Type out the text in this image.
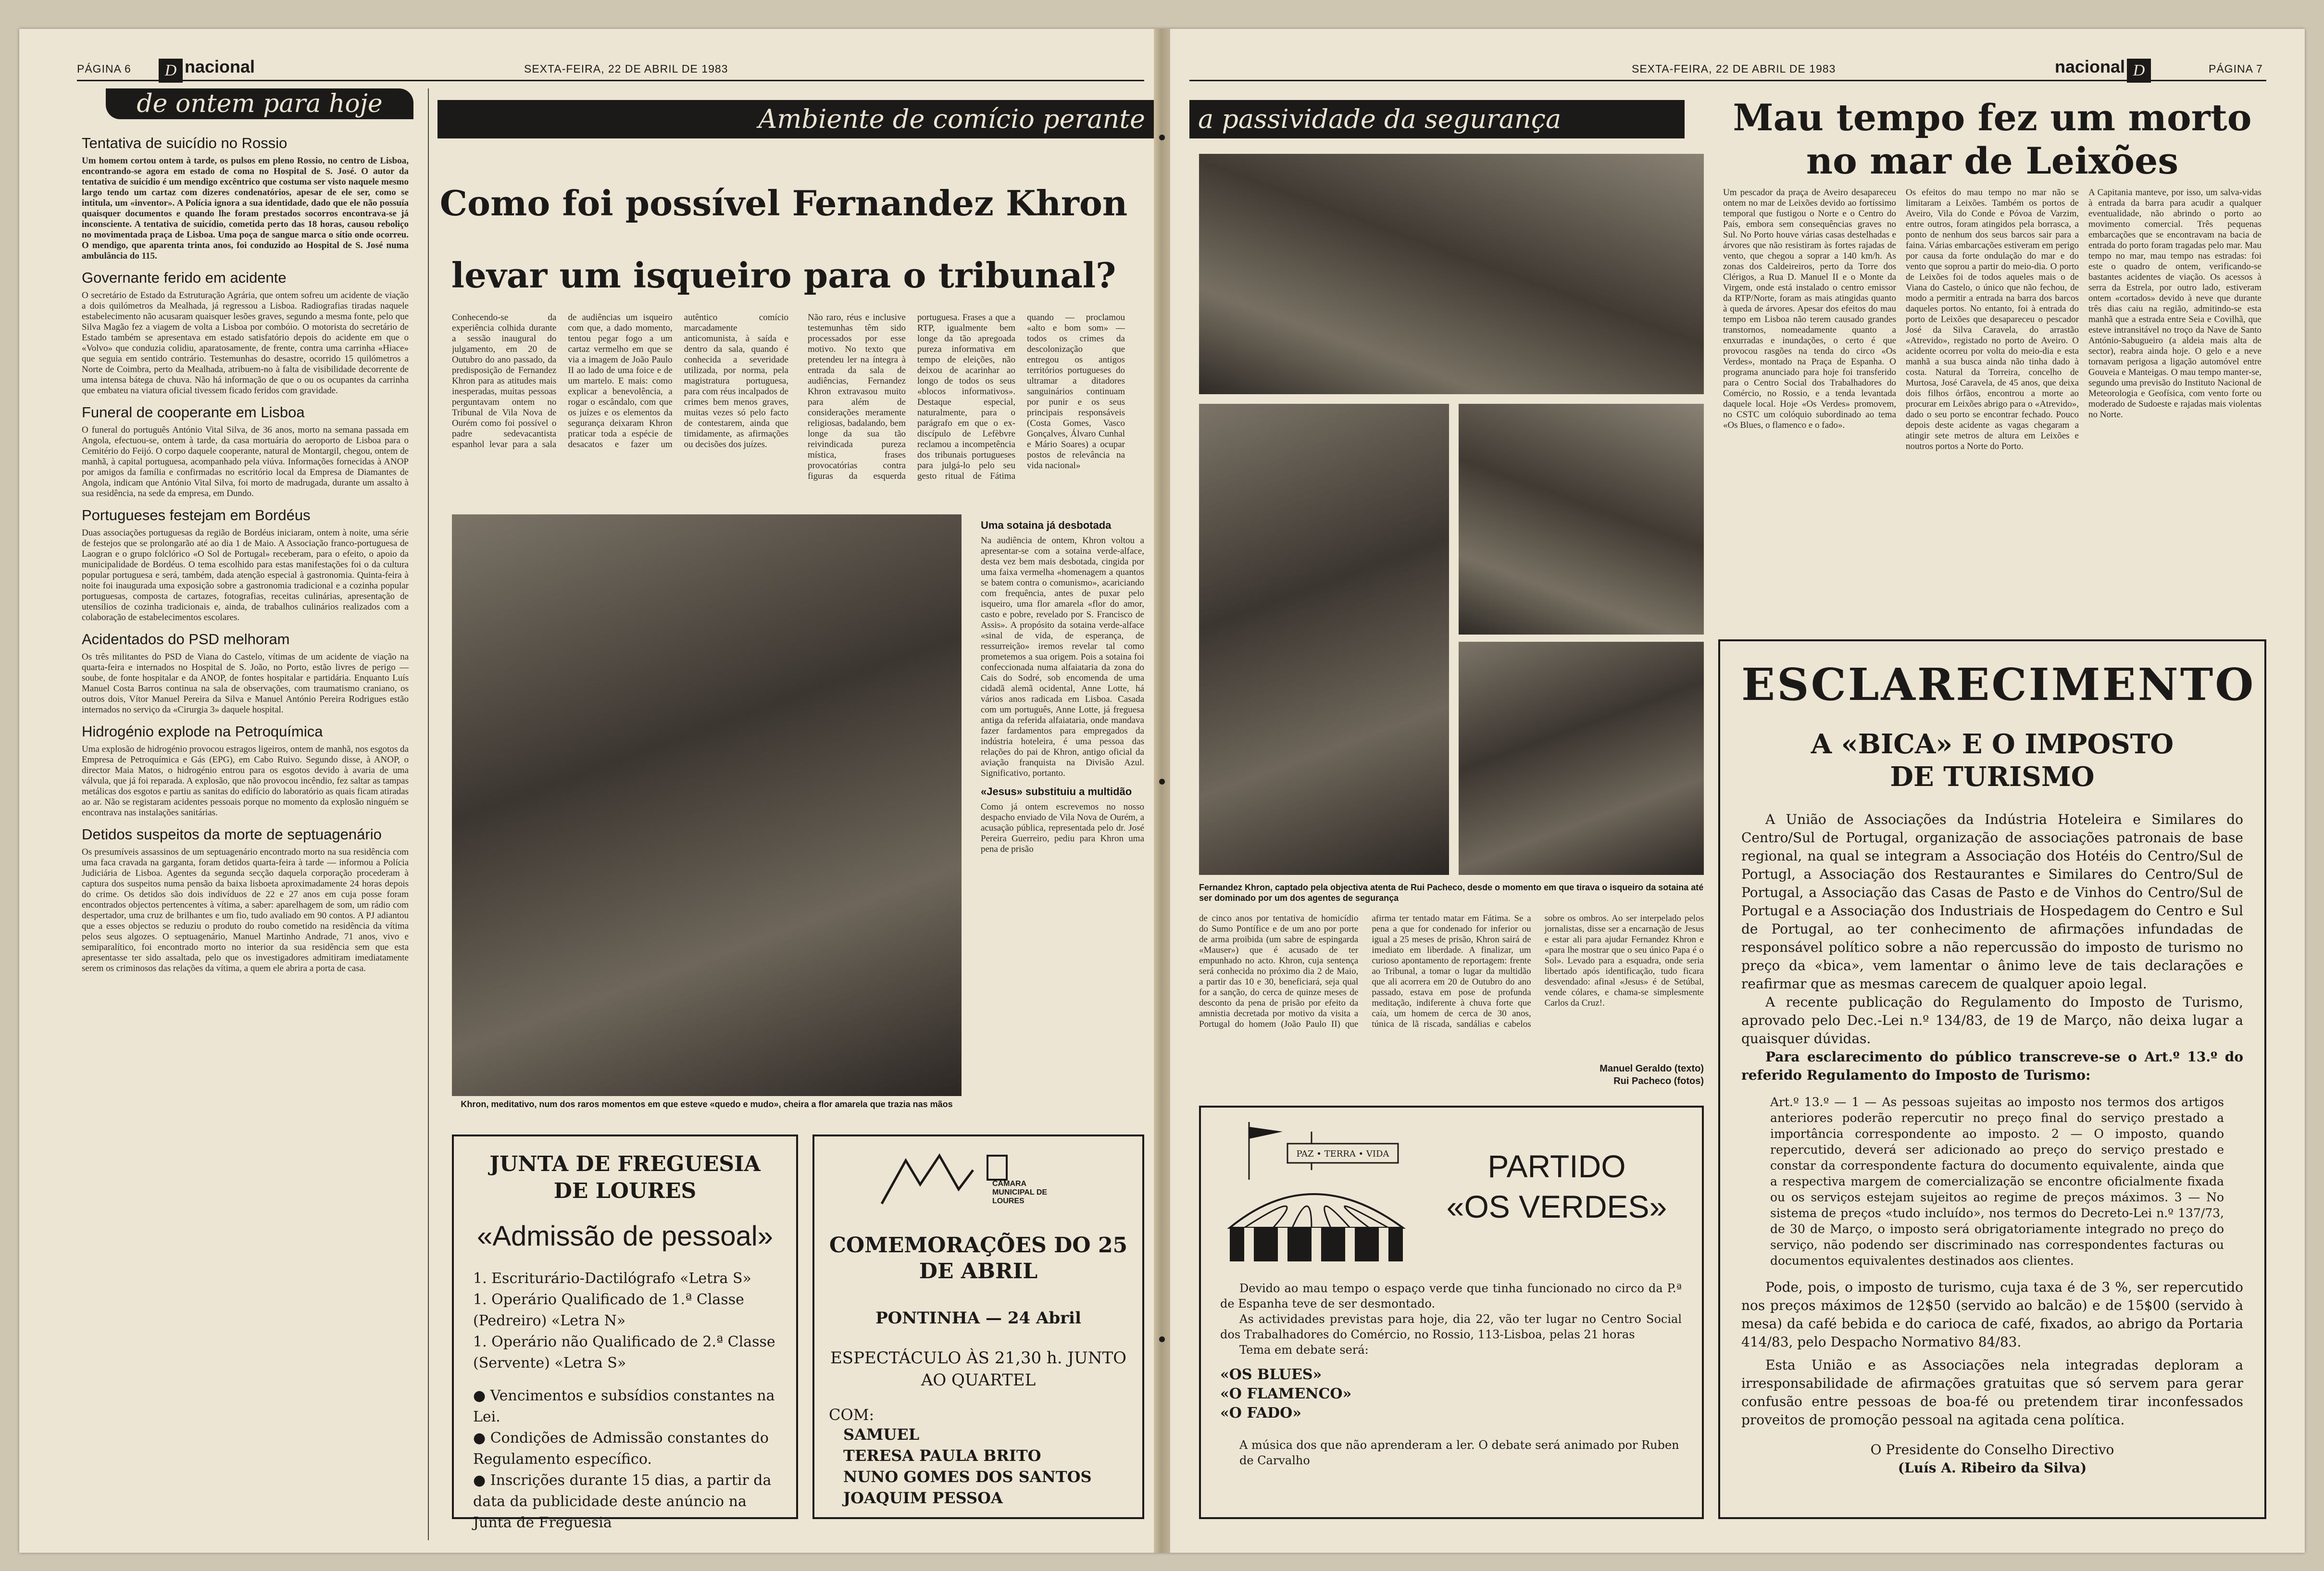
PÁGINA 6	D nacional	SEXTA-FEIRA, 22 DE ABRIL DE 1983
de ontem para hoje
Tentativa de suicídio no Rossio
Um homem cortou ontem à tarde, os pulsos em pleno Rossio, no centro de Lisboa, encontrando-se agora em estado de coma no Hospital de S. José. O autor da tentativa de suicídio é um mendigo excêntrico que costuma ser visto naquele mesmo largo tendo um cartaz com dizeres condenatórios, apesar de ele ser, como se intitula, um «inventor». A Polícia ignora a sua identidade, dado que ele não possuía quaisquer documentos e quando lhe foram prestados socorros encontrava-se já inconsciente. A tentativa de suicídio, cometida perto das 18 horas, causou reboliço no movimentada praça de Lisboa. Uma poça de sangue marca o sítio onde ocorreu. O mendigo, que aparenta trinta anos, foi conduzido ao Hospital de S. José numa ambulância do 115.
Governante ferido em acidente
O secretário de Estado da Estruturação Agrária, que ontem sofreu um acidente de viação a dois quilómetros da Mealhada, já regressou a Lisboa. Radiografias tiradas naquele estabelecimento não acusaram quaisquer lesões graves, segundo a mesma fonte, pelo que Silva Magão fez a viagem de volta a Lisboa por combóio. O motorista do secretário de Estado também se apresentava em estado satisfatório depois do acidente em que o «Volvo» que conduzia colidiu, aparatosamente, de frente, contra uma carrinha «Hiace» que seguia em sentido contrário. Testemunhas do desastre, ocorrido 15 quilómetros a Norte de Coimbra, perto da Mealhada, atribuem-no à falta de visibilidade decorrente de uma intensa bátega de chuva. Não há informação de que o ou os ocupantes da carrinha que embateu na viatura oficial tivessem ficado feridos com gravidade.
Funeral de cooperante em Lisboa
O funeral do português António Vital Silva, de 36 anos, morto na semana passada em Angola, efectuou-se, ontem à tarde, da casa mortuária do aeroporto de Lisboa para o Cemitério do Feijó. O corpo daquele cooperante, natural de Montargil, chegou, ontem de manhã, à capital portuguesa, acompanhado pela viúva. Informações fornecidas à ANOP por amigos da família e confirmadas no escritório local da Empresa de Diamantes de Angola, indicam que António Vital Silva, foi morto de madrugada, durante um assalto à sua residência, na sede da empresa, em Dundo.
Portugueses festejam em Bordéus
Duas associações portuguesas da região de Bordéus iniciaram, ontem à noite, uma série de festejos que se prolongarão até ao dia 1 de Maio. A Associação franco-portuguesa de Laogran e o grupo folclórico «O Sol de Portugal» receberam, para o efeito, o apoio da municipalidade de Bordéus. O tema escolhido para estas manifestações foi o da cultura popular portuguesa e será, também, dada atenção especial à gastronomia. Quinta-feira à noite foi inaugurada uma exposição sobre a gastronomia tradicional e a cozinha popular portuguesas, composta de cartazes, fotografias, receitas culinárias, apresentação de utensílios de cozinha tradicionais e, ainda, de trabalhos culinários realizados com a colaboração de estabelecimentos escolares.
Acidentados do PSD melhoram
Os três militantes do PSD de Viana do Castelo, vítimas de um acidente de viação na quarta-feira e internados no Hospital de S. João, no Porto, estão livres de perigo — soube, de fonte hospitalar e da ANOP, de fontes hospitalar e partidária. Enquanto Luís Manuel Costa Barros continua na sala de observações, com traumatismo craniano, os outros dois, Vítor Manuel Pereira da Silva e Manuel António Pereira Rodrigues estão internados no serviço da «Cirurgia 3» daquele hospital.
Hidrogénio explode na Petroquímica
Uma explosão de hidrogénio provocou estragos ligeiros, ontem de manhã, nos esgotos da Empresa de Petroquímica e Gás (EPG), em Cabo Ruivo. Segundo disse, à ANOP, o director Maia Matos, o hidrogénio entrou para os esgotos devido à avaria de uma válvula, que já foi reparada. A explosão, que não provocou incêndio, fez saltar as tampas metálicas dos esgotos e partiu as sanitas do edifício do laboratório as quais ficam atiradas ao ar. Não se registaram acidentes pessoais porque no momento da explosão ninguém se encontrava nas instalações sanitárias.
Detidos suspeitos da morte de septuagenário
Os presumíveis assassinos de um septuagenário encontrado morto na sua residência com uma faca cravada na garganta, foram detidos quarta-feira à tarde — informou a Polícia Judiciária de Lisboa. Agentes da segunda secção daquela corporação procederam à captura dos suspeitos numa pensão da baixa lisboeta aproximadamente 24 horas depois do crime. Os detidos são dois indivíduos de 22 e 27 anos em cuja posse foram encontrados objectos pertencentes à vítima, a saber: aparelhagem de som, um rádio com despertador, uma cruz de brilhantes e um fio, tudo avaliado em 90 contos. A PJ adiantou que a esses objectos se reduziu o produto do roubo cometido na residência da vítima pelos seus algozes. O septuagenário, Manuel Martinho Andrade, 71 anos, vivo e semiparalítico, foi encontrado morto no interior da sua residência sem que esta apresentasse ter sido assaltada, pelo que os investigadores admitiram imediatamente serem os criminosos das relações da vítima, a quem ele abrira a porta de casa.
Ambiente de comício perante
Como foi possível Fernandez Khron
levar um isqueiro para o tribunal?
Conhecendo-se da experiência colhida durante a sessão inaugural do julgamento, em 20 de Outubro do ano passado, da predisposição de Fernandez Khron para as atitudes mais inesperadas, muitas pessoas perguntavam ontem no Tribunal de Vila Nova de Ourém como foi possível o padre sedevacantista espanhol levar para a sala de audiências um isqueiro com que, a dado momento, tentou pegar fogo a um cartaz vermelho em que se via a imagem de João Paulo II ao lado de uma foice e de um martelo. E mais: como explicar a benevolência, a rogar o escândalo, com que os juízes e os elementos da segurança deixaram Khron praticar toda a espécie de desacatos e fazer um autêntico comício marcadamente anticomunista, à saída e dentro da sala, quando é conhecida a severidade utilizada, por norma, pela magistratura portuguesa, para com réus incalpados de crimes bem menos graves, muitas vezes só pelo facto de contestarem, ainda que timidamente, as afirmações ou decisões dos juízes.
Não raro, réus e inclusive testemunhas têm sido processados por esse motivo. No texto que pretendeu ler na íntegra à entrada da sala de audiências, Fernandez Khron extravasou muito para além de considerações meramente religiosas, badalando, bem longe da sua tão reivindicada pureza mística, frases provocatórias contra figuras da esquerda portuguesa. Frases a que a RTP, igualmente bem longe da tão apregoada pureza informativa em tempo de eleições, não deixou de acarinhar ao longo de todos os seus «blocos informativos». Destaque especial, naturalmente, para o parágrafo em que o ex-discípulo de Lefèbvre reclamou a incompetência dos tribunais portugueses para julgá-lo pelo seu gesto ritual de Fátima quando — proclamou «alto e bom som» — todos os crimes da descolonização que entregou os antigos territórios portugueses do ultramar a ditadores sanguinários continuam por punir e os seus principais responsáveis (Costa Gomes, Vasco Gonçalves, Álvaro Cunhal e Mário Soares) a ocupar postos de relevância na vida nacional»
Khron, meditativo, num dos raros momentos em que esteve «quedo e mudo», cheira a flor amarela que trazia nas mãos
Uma sotaina já desbotada
Na audiência de ontem, Khron voltou a apresentar-se com a sotaina verde-alface, desta vez bem mais desbotada, cingida por uma faixa vermelha «homenagem a quantos se batem contra o comunismo», acariciando com frequência, antes de puxar pelo isqueiro, uma flor amarela «flor do amor, casto e pobre, revelado por S. Francisco de Assis». A propósito da sotaina verde-alface «sinal de vida, de esperança, de ressurreição» iremos revelar tal como prometemos a sua origem. Pois a sotaina foi confeccionada numa alfaiataria da zona do Cais do Sodré, sob encomenda de uma cidadã alemã ocidental, Anne Lotte, há vários anos radicada em Lisboa. Casada com um português, Anne Lotte, já freguesa antiga da referida alfaiataria, onde mandava fazer fardamentos para empregados da indústria hoteleira, é uma pessoa das relações do pai de Khron, antigo oficial da aviação franquista na Divisão Azul. Significativo, portanto.
«Jesus» substituiu a multidão
Como já ontem escrevemos no nosso despacho enviado de Vila Nova de Ourém, a acusação pública, representada pelo dr. José Pereira Guerreiro, pediu para Khron uma pena de prisão
JUNTA DE FREGUESIA DE LOURES
«Admissão de pessoal»
1. Escriturário-Dactilógrafo «Letra S»
1. Operário Qualificado de 1.ª Classe (Pedreiro) «Letra N»
1. Operário não Qualificado de 2.ª Classe (Servente) «Letra S»
● Vencimentos e subsídios constantes na Lei.
● Condições de Admissão constantes do Regulamento específico.
● Inscrições durante 15 dias, a partir da data da publicidade deste anúncio na Junta de Freguesia
CÂMARA MUNICIPAL DE LOURES
COMEMORAÇÕES DO 25 DE ABRIL
PONTINHA — 24 Abril
ESPECTÁCULO ÀS 21,30 h. JUNTO AO QUARTEL
COM:
SAMUEL
TERESA PAULA BRITO
NUNO GOMES DOS SANTOS
JOAQUIM PESSOA
SEXTA-FEIRA, 22 DE ABRIL DE 1983	nacional D	PÁGINA 7
a passividade da segurança
Fernandez Khron, captado pela objectiva atenta de Rui Pacheco, desde o momento em que tirava o isqueiro da sotaina até ser dominado por um dos agentes de segurança
de cinco anos por tentativa de homicídio do Sumo Pontífice e de um ano por porte de arma proibida (um sabre de espingarda «Mauser») que é acusado de ter empunhado no acto. Khron, cuja sentença será conhecida no próximo dia 2 de Maio, a partir das 10 e 30, beneficiará, seja qual for a sanção, do cerca de quinze meses de desconto da pena de prisão por efeito da amnistia decretada por motivo da visita a Portugal do homem (João Paulo II) que afirma ter tentado matar em Fátima. Se a pena a que for condenado for inferior ou igual a 25 meses de prisão, Khron sairá de imediato em liberdade. A finalizar, um curioso apontamento de reportagem: frente ao Tribunal, a tomar o lugar da multidão que ali acorrera em 20 de Outubro do ano passado, estava em pose de profunda meditação, indiferente à chuva forte que caía, um homem de cerca de 30 anos, túnica de lã riscada, sandálias e cabelos sobre os ombros. Ao ser interpelado pelos jornalistas, disse ser a encarnação de Jesus e estar ali para ajudar Fernandez Khron e «para lhe mostrar que o seu único Papa é o Sol». Levado para a esquadra, onde seria libertado após identificação, tudo ficara desvendado: afinal «Jesus» é de Setúbal, vende cólares, e chama-se simplesmente Carlos da Cruz!.
Manuel Geraldo (texto)
Rui Pacheco (fotos)
Mau tempo fez um morto
no mar de Leixões
Um pescador da praça de Aveiro desapareceu ontem no mar de Leixões devido ao fortíssimo temporal que fustigou o Norte e o Centro do País, embora sem consequências graves no Sul. No Porto houve várias casas destelhadas e árvores que não resistiram às fortes rajadas de vento, que chegou a soprar a 140 km/h. As zonas dos Caldeireiros, perto da Torre dos Clérigos, a Rua D. Manuel II e o Monte da Virgem, onde está instalado o centro emissor da RTP/Norte, foram as mais atingidas quanto à queda de árvores. Apesar dos efeitos do mau tempo em Lisboa não terem causado grandes transtornos, nomeadamente quanto a enxurradas e inundações, o certo é que provocou rasgões na tenda do circo «Os Verdes», montado na Praça de Espanha. O programa anunciado para hoje foi transferido para o Centro Social dos Trabalhadores do Comércio, no Rossio, e a tenda levantada daquele local. Hoje «Os Verdes» promovem, no CSTC um colóquio subordinado ao tema «Os Blues, o flamenco e o fado».
Os efeitos do mau tempo no mar não se limitaram a Leixões. Também os portos de Aveiro, Vila do Conde e Póvoa de Varzim, entre outros, foram atingidos pela borrasca, a ponto de nenhum dos seus barcos sair para a faina. Várias embarcações estiveram em perigo por causa da forte ondulação do mar e do vento que soprou a partir do meio-dia. O porto de Leixões foi de todos aqueles mais o de Viana do Castelo, o único que não fechou, de modo a permitir a entrada na barra dos barcos daqueles portos. No entanto, foi à entrada do porto de Leixões que desapareceu o pescador José da Silva Caravela, do arrastão «Atrevido», registado no porto de Aveiro. O acidente ocorreu por volta do meio-dia e esta manhã a sua busca ainda não tinha dado à costa. Natural da Torreira, concelho de Murtosa, José Caravela, de 45 anos, que deixa dois filhos órfãos, encontrou a morte ao procurar em Leixões abrigo para o «Atrevido», dado o seu porto se encontrar fechado. Pouco depois deste acidente as vagas chegaram a atingir sete metros de altura em Leixões e noutros portos a Norte do Porto.
A Capitania manteve, por isso, um salva-vidas à entrada da barra para acudir a qualquer eventualidade, não abrindo o porto ao movimento comercial. Três pequenas embarcações que se encontravam na bacia de entrada do porto foram tragadas pelo mar. Mau tempo no mar, mau tempo nas estradas: foi este o quadro de ontem, verificando-se bastantes acidentes de viação. Os acessos à serra da Estrela, por outro lado, estiveram ontem «cortados» devido à neve que durante três dias caiu na região, admitindo-se esta manhã que a estrada entre Seia e Covilhã, que esteve intransitável no troço da Nave de Santo António-Sabugueiro (a aldeia mais alta de sector), reabra ainda hoje. O gelo e a neve tornavam perigosa a ligação automóvel entre Gouveia e Manteigas. O mau tempo manter-se, segundo uma previsão do Instituto Nacional de Meteorologia e Geofísica, com vento forte ou moderado de Sudoeste e rajadas mais violentas no Norte.
ESCLARECIMENTO
A «BICA» E O IMPOSTO
DE TURISMO
A União de Associações da Indústria Hoteleira e Similares do Centro/Sul de Portugal, organização de associações patronais de base regional, na qual se integram a Associação dos Hotéis do Centro/Sul de Portugl, a Associação dos Restaurantes e Similares do Centro/Sul de Portugal, a Associação das Casas de Pasto e de Vinhos do Centro/Sul de Portugal e a Associação dos Industriais de Hospedagem do Centro e Sul de Portugal, ao ter conhecimento de afirmações infundadas de responsável político sobre a não repercussão do imposto de turismo no preço da «bica», vem lamentar o ânimo leve de tais declarações e reafirmar que as mesmas carecem de qualquer apoio legal.
A recente publicação do Regulamento do Imposto de Turismo, aprovado pelo Dec.-Lei n.º 134/83, de 19 de Março, não deixa lugar a quaisquer dúvidas.
Para esclarecimento do público transcreve-se o Art.º 13.º do referido Regulamento do Imposto de Turismo:
Art.º 13.º — 1 — As pessoas sujeitas ao imposto nos termos dos artigos anteriores poderão repercutir no preço final do serviço prestado a importância correspondente ao imposto. 2 — O imposto, quando repercutido, deverá ser adicionado ao preço do serviço prestado e constar da correspondente factura do documento equivalente, ainda que a respectiva margem de comercialização se encontre oficialmente fixada ou os serviços estejam sujeitos ao regime de preços máximos. 3 — No sistema de preços «tudo incluído», nos termos do Decreto-Lei n.º 137/73, de 30 de Março, o imposto será obrigatoriamente integrado no preço do serviço, não podendo ser discriminado nas correspondentes facturas ou documentos equivalentes destinados aos clientes.
Pode, pois, o imposto de turismo, cuja taxa é de 3 %, ser repercutido nos preços máximos de 12$50 (servido ao balcão) e de 15$00 (servido à mesa) da café bebida e do carioca de café, fixados, ao abrigo da Portaria 414/83, pelo Despacho Normativo 84/83.
Esta União e as Associações nela integradas deploram a irresponsabilidade de afirmações gratuitas que só servem para gerar confusão entre pessoas de boa-fé ou pretendem tirar inconfessados proveitos de promoção pessoal na agitada cena política.
O Presidente do Conselho Directivo
(Luís A. Ribeiro da Silva)
PAZ • TERRA • VIDA	PARTIDO
«OS VERDES»
Devido ao mau tempo o espaço verde que tinha funcionado no circo da P.ª de Espanha teve de ser desmontado.
As actividades previstas para hoje, dia 22, vão ter lugar no Centro Social dos Trabalhadores do Comércio, no Rossio, 113-Lisboa, pelas 21 horas
Tema em debate será:
«OS BLUES»
«O FLAMENCO»
«O FADO»
A música dos que não aprenderam a ler. O debate será animado por Ruben de Carvalho
